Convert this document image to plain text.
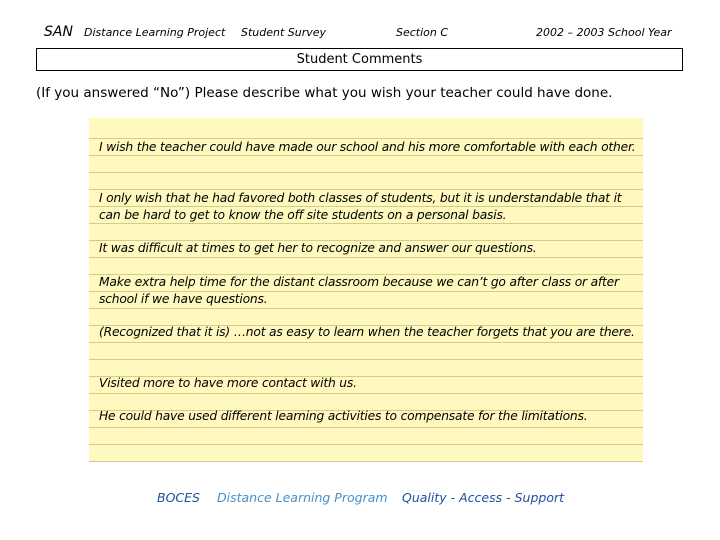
SAN Distance Learning Project Student Survey	Section C	2002 – 2003 School Year
Student Comments
(If you answered “No”) Please describe what you wish your teacher could have done.
I wish the teacher could have made our school and his more comfortable with each other.
I only wish that he had favored both classes of students, but it is understandable that it can be hard to get to know the off site students on a personal basis.
It was difficult at times to get her to recognize and answer our questions.
Make extra help time for the distant classroom because we can’t go after class or after school if we have questions.
(Recognized that it is) …not as easy to learn when the teacher forgets that you are there.
Visited more to have more contact with us.
He could have used different learning activities to compensate for the limitations.
BOCES Distance Learning Program Quality - Access - Support
